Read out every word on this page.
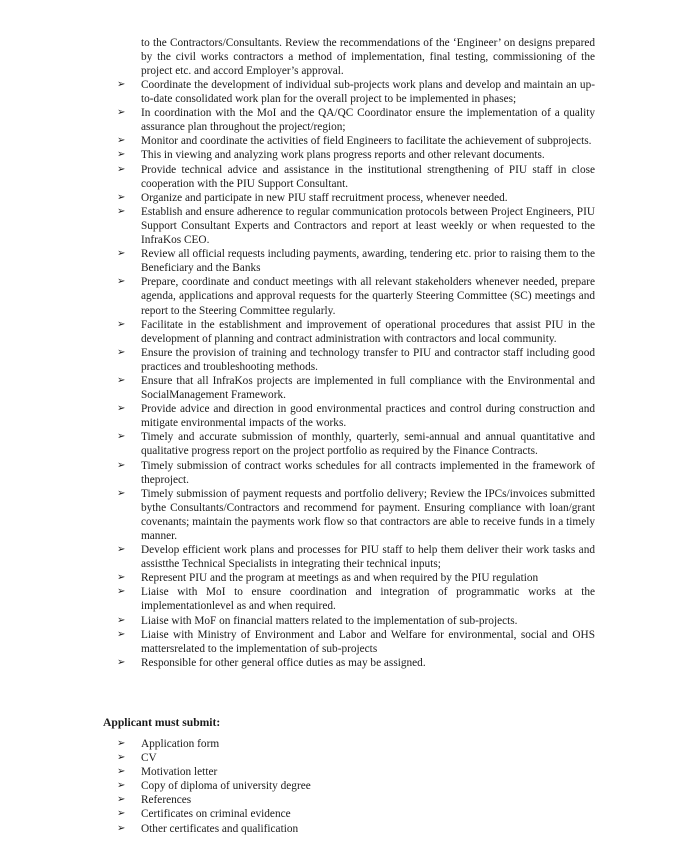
to the Contractors/Consultants. Review the recommendations of the ‘Engineer’ on designs prepared by the civil works contractors a method of implementation, final testing, commissioning of the project etc. and accord Employer’s approval.
➢	Coordinate the development of individual sub-projects work plans and develop and maintain an up- to-date consolidated work plan for the overall project to be implemented in phases;
➢	In coordination with the MoI and the QA/QC Coordinator ensure the implementation of a quality assurance plan throughout the project/region;
➢	Monitor and coordinate the activities of field Engineers to facilitate the achievement of subprojects.
➢	This in viewing and analyzing work plans progress reports and other relevant documents.
➢	Provide technical advice and assistance in the institutional strengthening of PIU staff in close cooperation with the PIU Support Consultant.
➢	Organize and participate in new PIU staff recruitment process, whenever needed.
➢	Establish and ensure adherence to regular communication protocols between Project Engineers, PIU Support Consultant Experts and Contractors and report at least weekly or when requested to the InfraKos CEO.
➢	Review all official requests including payments, awarding, tendering etc. prior to raising them to the Beneficiary and the Banks
➢	Prepare, coordinate and conduct meetings with all relevant stakeholders whenever needed, prepare agenda, applications and approval requests for the quarterly Steering Committee (SC) meetings and report to the Steering Committee regularly.
➢	Facilitate in the establishment and improvement of operational procedures that assist PIU in the development of planning and contract administration with contractors and local community.
➢	Ensure the provision of training and technology transfer to PIU and contractor staff including good practices and troubleshooting methods.
➢	Ensure that all InfraKos projects are implemented in full compliance with the Environmental and SocialManagement Framework.
➢	Provide advice and direction in good environmental practices and control during construction and mitigate environmental impacts of the works.
➢	Timely and accurate submission of monthly, quarterly, semi-annual and annual quantitative and qualitative progress report on the project portfolio as required by the Finance Contracts.
➢	Timely submission of contract works schedules for all contracts implemented in the framework of theproject.
➢	Timely submission of payment requests and portfolio delivery; Review the IPCs/invoices submitted bythe Consultants/Contractors and recommend for payment. Ensuring compliance with loan/grant covenants; maintain the payments work flow so that contractors are able to receive funds in a timely manner.
➢	Develop efficient work plans and processes for PIU staff to help them deliver their work tasks and assistthe Technical Specialists in integrating their technical inputs;
➢	Represent PIU and the program at meetings as and when required by the PIU regulation
➢	Liaise with MoI to ensure coordination and integration of programmatic works at the implementationlevel as and when required.
➢	Liaise with MoF on financial matters related to the implementation of sub-projects.
➢	Liaise with Ministry of Environment and Labor and Welfare for environmental, social and OHS mattersrelated to the implementation of sub-projects
➢	Responsible for other general office duties as may be assigned.
Applicant must submit:
➢	Application form
➢	CV
➢	Motivation letter
➢	Copy of diploma of university degree
➢	References
➢	Certificates on criminal evidence
➢	Other certificates and qualification
